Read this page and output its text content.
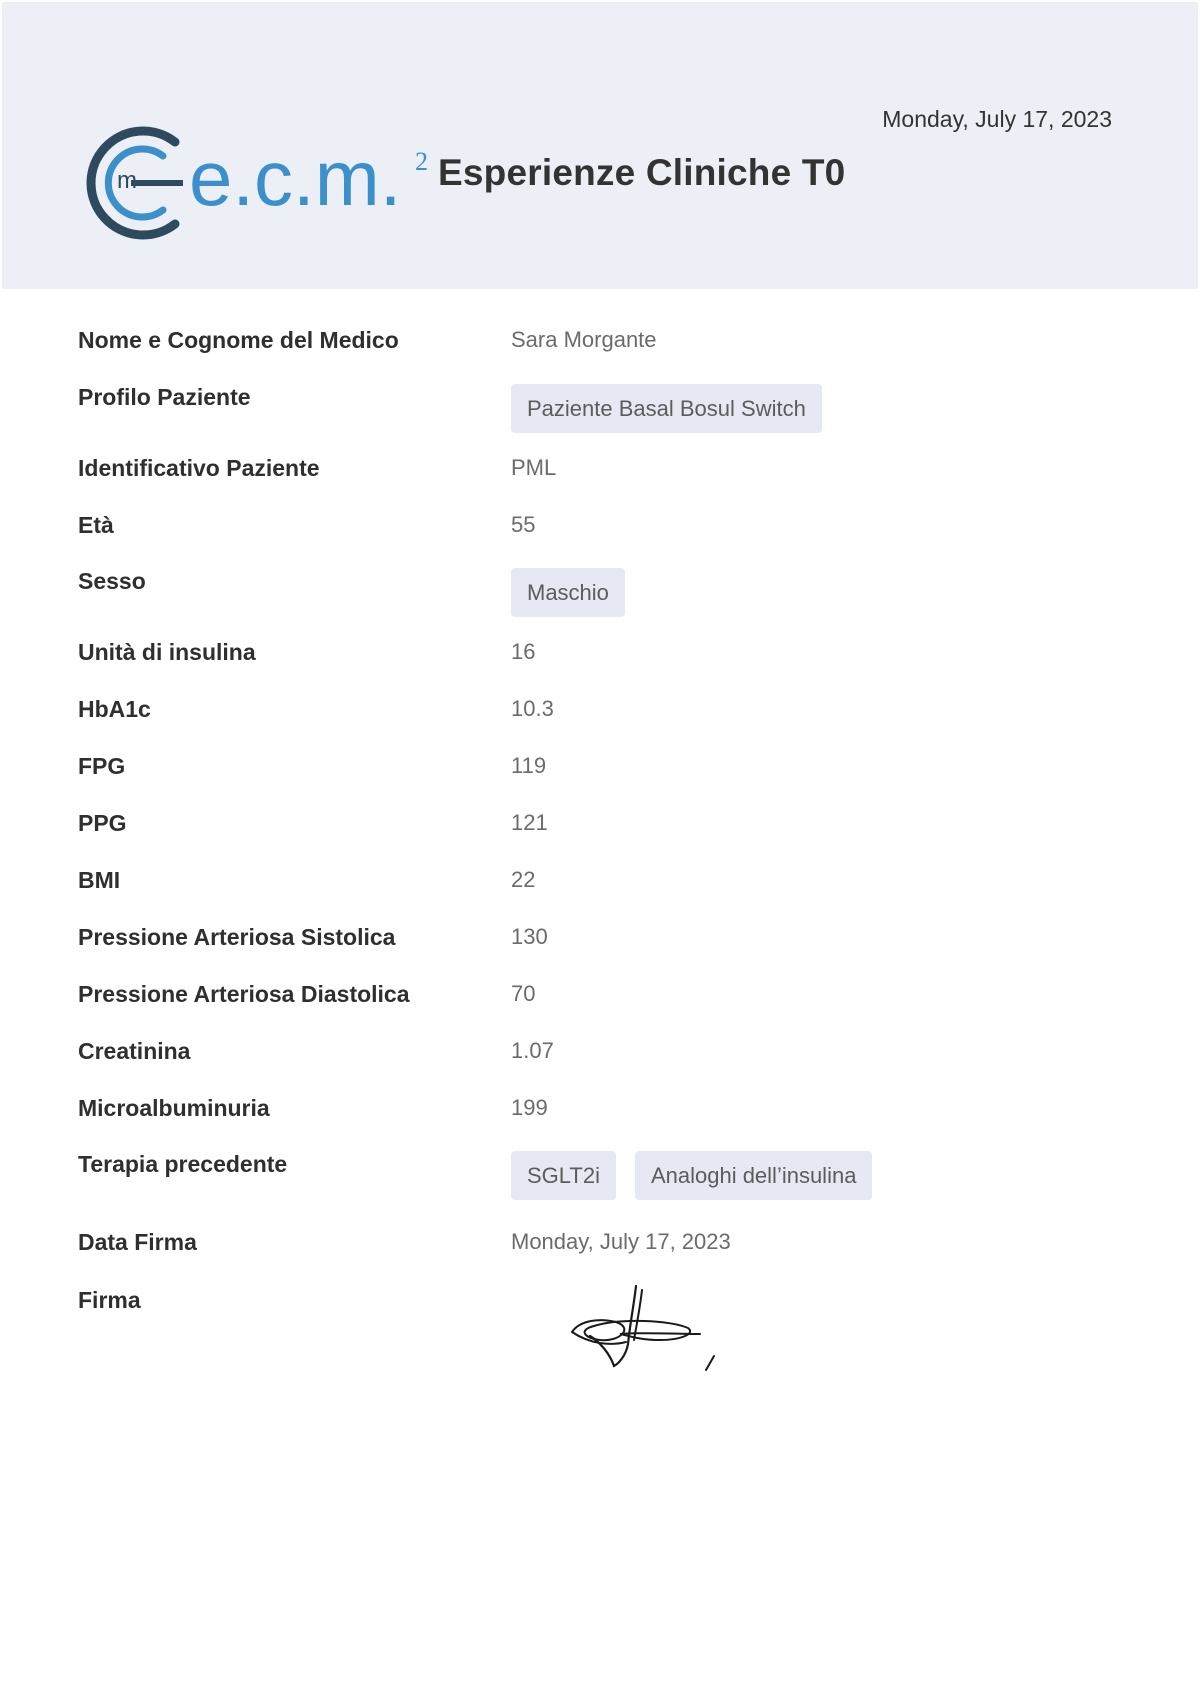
m e.c.m. 2 Esperienze Cliniche T0
Monday, July 17, 2023
Nome e Cognome del Medico	Sara Morgante
Profilo Paziente	Paziente Basal Bosul Switch
Identificativo Paziente	PML
Età	55
Sesso	Maschio
Unità di insulina	16
HbA1c	10.3
FPG	119
PPG	121
BMI	22
Pressione Arteriosa Sistolica	130
Pressione Arteriosa Diastolica	70
Creatinina	1.07
Microalbuminuria	199
Terapia precedente	SGLT2i	Analoghi dell’insulina
Data Firma	Monday, July 17, 2023
Firma
